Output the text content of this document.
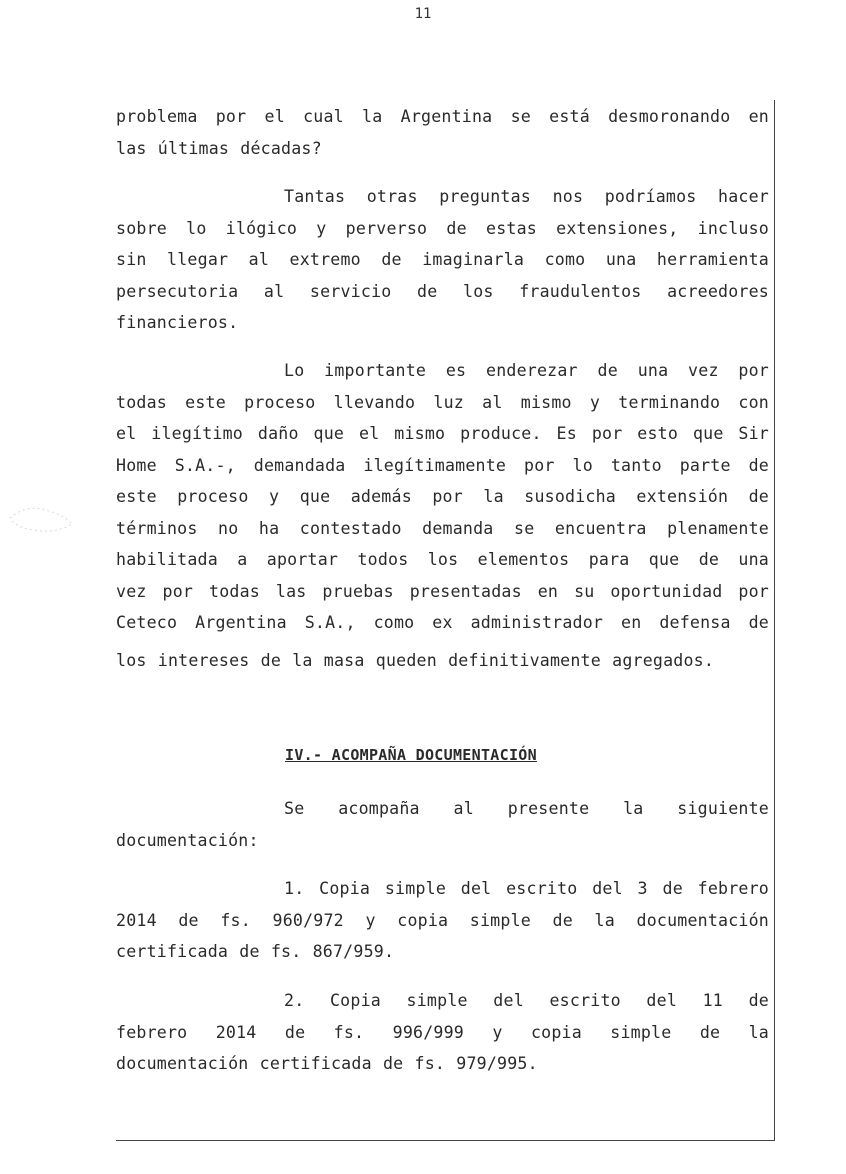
11
problema por el cual la Argentina se está desmoronando en
las últimas décadas?
Tantas otras preguntas nos podríamos hacer
sobre lo ilógico y perverso de estas extensiones, incluso
sin llegar al extremo de imaginarla como una herramienta
persecutoria al servicio de los fraudulentos acreedores
financieros.
Lo importante es enderezar de una vez por
todas este proceso llevando luz al mismo y terminando con
el ilegítimo daño que el mismo produce. Es por esto que Sir
Home S.A.-, demandada ilegítimamente por lo tanto parte de
este proceso y que además por la susodicha extensión de
términos no ha contestado demanda se encuentra plenamente
habilitada a aportar todos los elementos para que de una
vez por todas las pruebas presentadas en su oportunidad por
Ceteco Argentina S.A., como ex administrador en defensa de
los intereses de la masa queden definitivamente agregados.
IV.- ACOMPAÑA DOCUMENTACIÓN
Se acompaña al presente la siguiente
documentación:
1. Copia simple del escrito del 3 de febrero
2014 de fs. 960/972 y copia simple de la documentación
certificada de fs. 867/959.
2. Copia simple del escrito del 11 de
febrero 2014 de fs. 996/999 y copia simple de la
documentación certificada de fs. 979/995.
